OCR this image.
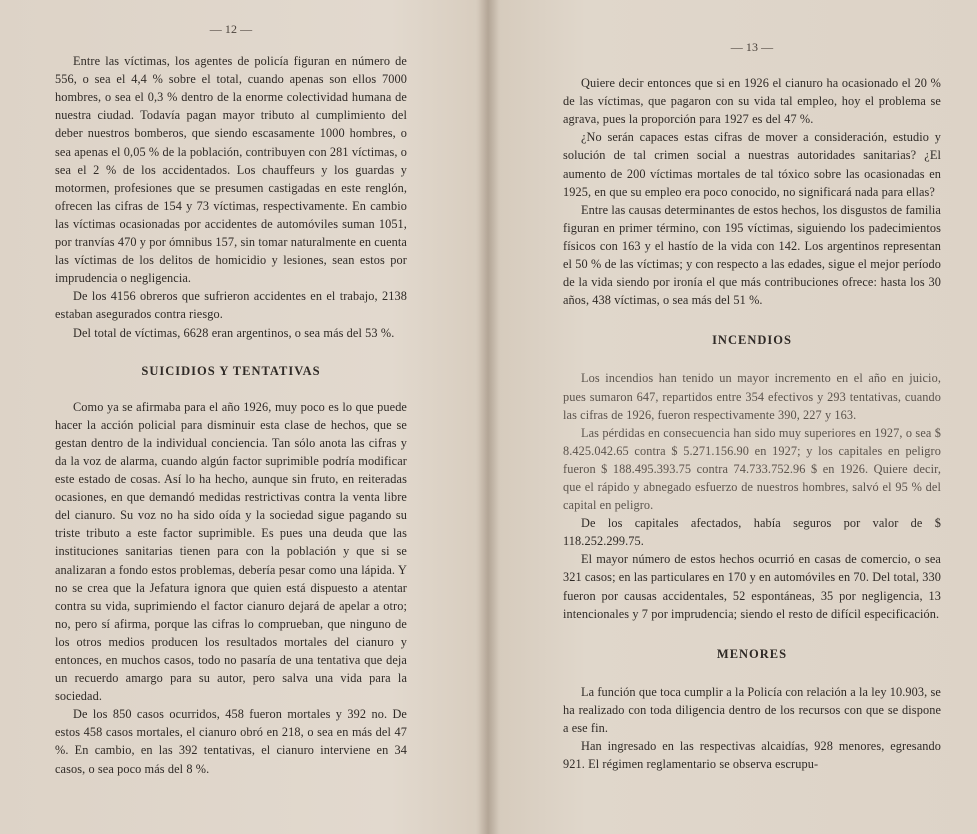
— 12 —

Entre las víctimas, los agentes de policía figuran en número de 556, o sea el 4,4 % sobre el total, cuando apenas son ellos 7000 hombres, o sea el 0,3 % dentro de la enorme colectividad humana de nuestra ciudad. Todavía pagan mayor tributo al cumplimiento del deber nuestros bomberos, que siendo escasamente 1000 hombres, o sea apenas el 0,05 % de la población, contribuyen con 281 víctimas, o sea el 2 % de los accidentados. Los chauffeurs y los guardas y motormen, profesiones que se presumen castigadas en este renglón, ofrecen las cifras de 154 y 73 víctimas, respectivamente. En cambio las víctimas ocasionadas por accidentes de automóviles suman 1051, por tranvías 470 y por ómnibus 157, sin tomar naturalmente en cuenta las víctimas de los delitos de homicidio y lesiones, sean estos por imprudencia o negligencia.

De los 4156 obreros que sufrieron accidentes en el trabajo, 2138 estaban asegurados contra riesgo.

Del total de víctimas, 6628 eran argentinos, o sea más del 53 %.

SUICIDIOS Y TENTATIVAS

Como ya se afirmaba para el año 1926, muy poco es lo que puede hacer la acción policial para disminuir esta clase de hechos, que se gestan dentro de la individual conciencia. Tan sólo anota las cifras y da la voz de alarma, cuando algún factor suprimible podría modificar este estado de cosas. Así lo ha hecho, aunque sin fruto, en reiteradas ocasiones, en que demandó medidas restrictivas contra la venta libre del cianuro. Su voz no ha sido oída y la sociedad sigue pagando su triste tributo a este factor suprimible. Es pues una deuda que las instituciones sanitarias tienen para con la población y que si se analizaran a fondo estos problemas, debería pesar como una lápida. Y no se crea que la Jefatura ignora que quien está dispuesto a atentar contra su vida, suprimiendo el factor cianuro dejará de apelar a otro; no, pero sí afirma, porque las cifras lo comprueban, que ninguno de los otros medios producen los resultados mortales del cianuro y entonces, en muchos casos, todo no pasaría de una tentativa que deja un recuerdo amargo para su autor, pero salva una vida para la sociedad.

De los 850 casos ocurridos, 458 fueron mortales y 392 no. De estos 458 casos mortales, el cianuro obró en 218, o sea en más del 47 %. En cambio, en las 392 tentativas, el cianuro interviene en 34 casos, o sea poco más del 8 %.

— 13 —

Quiere decir entonces que si en 1926 el cianuro ha ocasionado el 20 % de las víctimas, que pagaron con su vida tal empleo, hoy el problema se agrava, pues la proporción para 1927 es del 47 %.

¿No serán capaces estas cifras de mover a consideración, estudio y solución de tal crimen social a nuestras autoridades sanitarias? ¿El aumento de 200 víctimas mortales de tal tóxico sobre las ocasionadas en 1925, en que su empleo era poco conocido, no significará nada para ellas?

Entre las causas determinantes de estos hechos, los disgustos de familia figuran en primer término, con 195 víctimas, siguiendo los padecimientos físicos con 163 y el hastío de la vida con 142. Los argentinos representan el 50 % de las víctimas; y con respecto a las edades, sigue el mejor período de la vida siendo por ironía el que más contribuciones ofrece: hasta los 30 años, 438 víctimas, o sea más del 51 %.

INCENDIOS

Los incendios han tenido un mayor incremento en el año en juicio, pues sumaron 647, repartidos entre 354 efectivos y 293 tentativas, cuando las cifras de 1926, fueron respectivamente 390, 227 y 163.

Las pérdidas en consecuencia han sido muy superiores en 1927, o sea $ 8.425.042.65 contra $ 5.271.156.90 en 1927; y los capitales en peligro fueron $ 188.495.393.75 contra 74.733.752.96 $ en 1926. Quiere decir, que el rápido y abnegado esfuerzo de nuestros hombres, salvó el 95 % del capital en peligro.

De los capitales afectados, había seguros por valor de $ 118.252.299.75.

El mayor número de estos hechos ocurrió en casas de comercio, o sea 321 casos; en las particulares en 170 y en automóviles en 70. Del total, 330 fueron por causas accidentales, 52 espontáneas, 35 por negligencia, 13 intencionales y 7 por imprudencia; siendo el resto de difícil especificación.

MENORES

La función que toca cumplir a la Policía con relación a la ley 10.903, se ha realizado con toda diligencia dentro de los recursos con que se dispone a ese fin.

Han ingresado en las respectivas alcaidías, 928 menores, egresando 921. El régimen reglamentario se observa escrupu-
